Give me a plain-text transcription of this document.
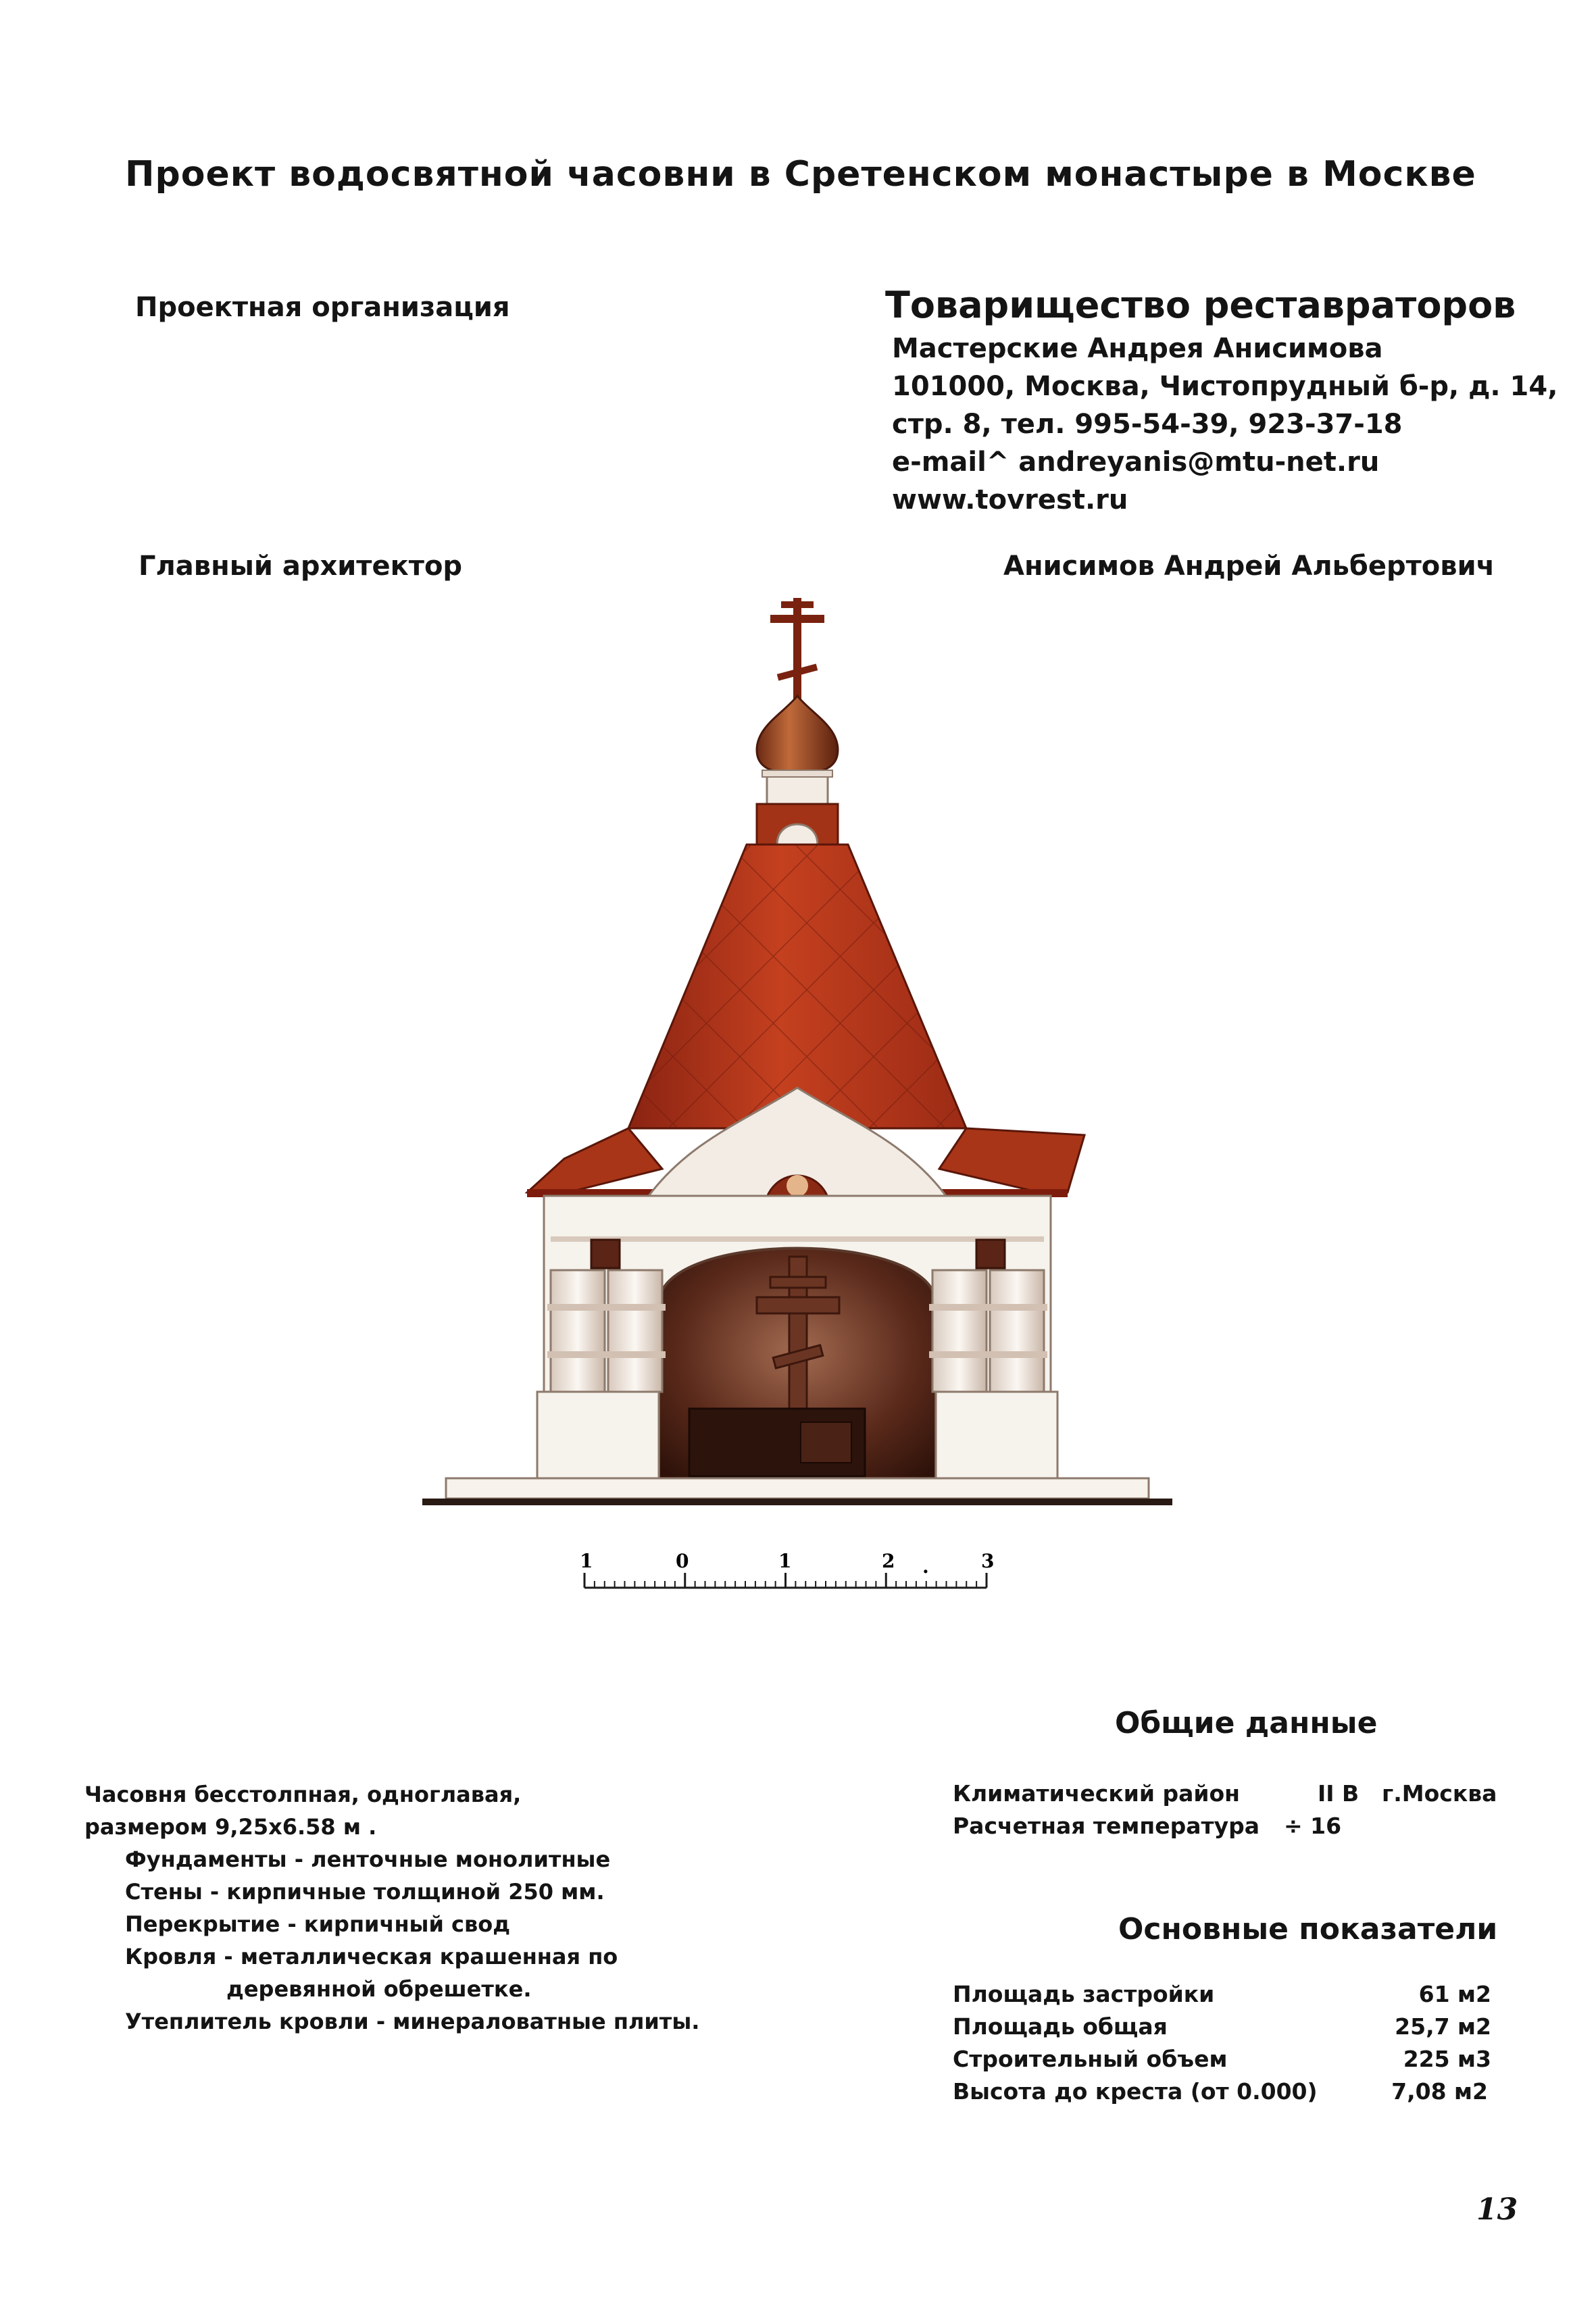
Проект водосвятной часовни в Сретенском монастыре в Москве
Проектная организация	Товарищество реставраторов
Мастерские Андрея Анисимова
101000, Москва, Чистопрудный б-р, д. 14,
стр. 8, тел. 995-54-39, 923-37-18
e-mail^ andreyanis@mtu-net.ru
www.tovrest.ru
Главный архитектор	Анисимов Андрей Альбертович
1	0	1	2 .	3
Часовня бесстолпная, одноглавая,
размером 9,25х6.58 м .
Фундаменты - ленточные монолитные
Стены - кирпичные толщиной 250 мм.
Перекрытие - кирпичный свод
Кровля - металлическая крашенная по
деревянной обрешетке.
Утеплитель кровли - минераловатные плиты.
Общие данные
Климатический район	II В г.Москва
Расчетная температура ÷ 16
Основные показатели
Площадь застройки	61 м2
Площадь общая	25,7 м2
Строительный объем	225 м3
Высота до креста (от 0.000)	7,08 м2
13
